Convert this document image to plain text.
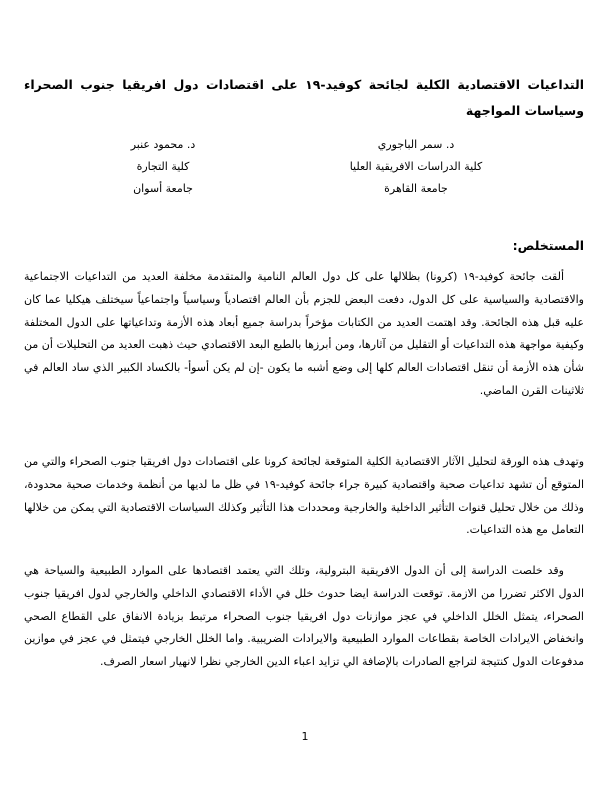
التداعيات الاقتصادية الكلية لجائحة كوفيد-١٩ على اقتصادات دول افريقيا جنوب الصحراء وسياسات المواجهة
د. سمر الباجوري
كلية الدراسات الافريقية العليا
جامعة القاهرة
د. محمود عنبر
كلية التجارة
جامعة أسوان
المستخلص:

ألقت جائحة كوفيد-١٩ (كرونا) بظلالها على كل دول العالم النامية والمتقدمة مخلفة العديد من التداعيات الاجتماعية والاقتصادية والسياسية على كل الدول، دفعت البعض للجزم بأن العالم اقتصادياً وسياسياً واجتماعياً سيختلف هيكليا عما كان عليه قبل هذه الجائحة. وقد اهتمت العديد من الكتابات مؤخراً بدراسة جميع أبعاد هذه الأزمة وتداعياتها على الدول المختلفة وكيفية مواجهة هذه التداعيات أو التقليل من آثارها، ومن أبرزها بالطبع البعد الاقتصادي حيث ذهبت العديد من التحليلات أن من شأن هذه الأزمة أن تنقل اقتصادات العالم كلها إلى وضع أشبه ما يكون -إن لم يكن أسوأ- بالكساد الكبير الذي ساد العالم في ثلاثينات القرن الماضي.

وتهدف هذه الورقة لتحليل الآثار الاقتصادية الكلية المتوقعة لجائحة كرونا على اقتصادات دول افريقيا جنوب الصحراء والتي من المتوقع أن تشهد تداعيات صحية واقتصادية كبيرة جراء جائحة كوفيد-١٩ في ظل ما لديها من أنظمة وخدمات صحية محدودة، وذلك من خلال تحليل قنوات التأثير الداخلية والخارجية ومحددات هذا التأثير وكذلك السياسات الاقتصادية التي يمكن من خلالها التعامل مع هذه التداعيات.

وقد خلصت الدراسة إلى أن الدول الافريقية البترولية، وتلك التي يعتمد اقتصادها على الموارد الطبيعية والسياحة هي الدول الاكثر تضررا من الازمة. توقعت الدراسة ايضا حدوث خلل في الأداء الاقتصادي الداخلي والخارجي لدول افريقيا جنوب الصحراء، يتمثل الخلل الداخلي في عجز موازنات دول افريقيا جنوب الصحراء مرتبط بزيادة الانفاق على القطاع الصحي وانخفاض الايرادات الخاصة بقطاعات الموارد الطبيعية والايرادات الضريبية. واما الخلل الخارجي فيتمثل في عجز في موازين مدفوعات الدول كنتيجة لتراجع الصادرات بالإضافة الي تزايد اعباء الدين الخارجي نظرا لانهيار اسعار الصرف.

1
